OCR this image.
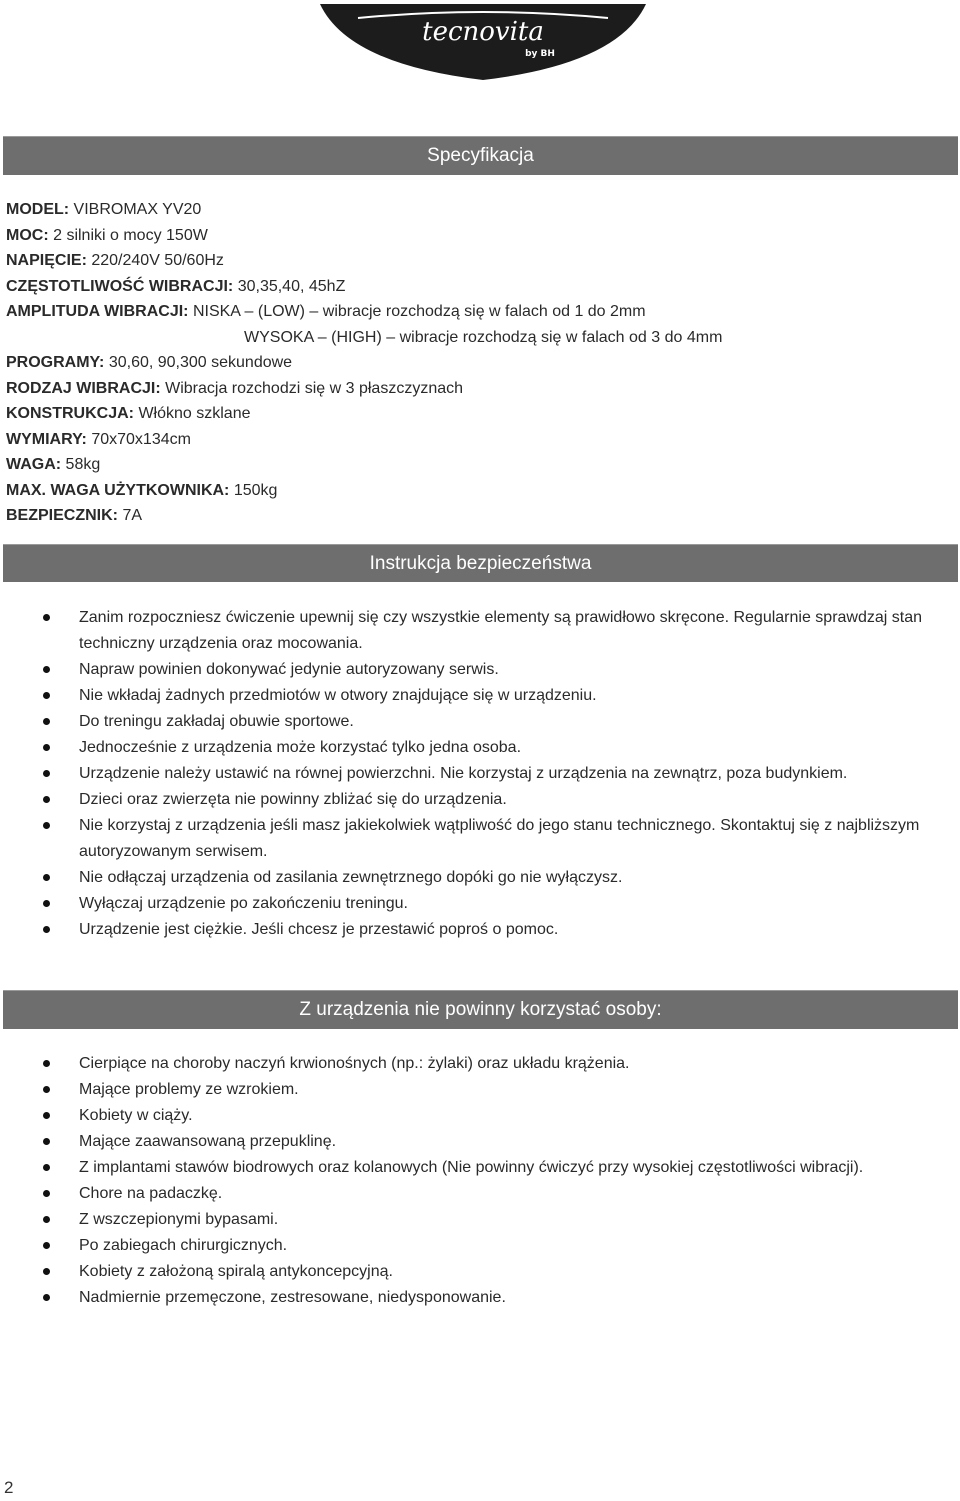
tecnovita
by BH
Specyfikacja
MODEL: VIBROMAX YV20
MOC: 2 silniki o mocy 150W
NAPIĘCIE: 220/240V 50/60Hz
CZĘSTOTLIWOŚĆ WIBRACJI: 30,35,40, 45hZ
AMPLITUDA WIBRACJI: NISKA – (LOW) – wibracje rozchodzą się w falach od 1 do 2mm
WYSOKA – (HIGH) – wibracje rozchodzą się w falach od 3 do 4mm
PROGRAMY: 30,60, 90,300 sekundowe
RODZAJ WIBRACJI: Wibracja rozchodzi się w 3 płaszczyznach
KONSTRUKCJA: Włókno szklane
WYMIARY: 70x70x134cm
WAGA: 58kg
MAX. WAGA UŻYTKOWNIKA: 150kg
BEZPIECZNIK: 7A
Instrukcja bezpieczeństwa
Zanim rozpoczniesz ćwiczenie upewnij się czy wszystkie elementy są prawidłowo skręcone. Regularnie sprawdzaj stan techniczny urządzenia oraz mocowania.
Napraw powinien dokonywać jedynie autoryzowany serwis.
Nie wkładaj żadnych przedmiotów w otwory znajdujące się w urządzeniu.
Do treningu zakładaj obuwie sportowe.
Jednocześnie z urządzenia może korzystać tylko jedna osoba.
Urządzenie należy ustawić na równej powierzchni. Nie korzystaj z urządzenia na zewnątrz, poza budynkiem.
Dzieci oraz zwierzęta nie powinny zbliżać się do urządzenia.
Nie korzystaj z urządzenia jeśli masz jakiekolwiek wątpliwość do jego stanu technicznego. Skontaktuj się z najbliższym autoryzowanym serwisem.
Nie odłączaj urządzenia od zasilania zewnętrznego dopóki go nie wyłączysz.
Wyłączaj urządzenie po zakończeniu treningu.
Urządzenie jest ciężkie. Jeśli chcesz je przestawić poproś o pomoc.
Z urządzenia nie powinny korzystać osoby:
Cierpiące na choroby naczyń krwionośnych (np.: żylaki) oraz układu krążenia.
Mające problemy ze wzrokiem.
Kobiety w ciąży.
Mające zaawansowaną przepuklinę.
Z implantami stawów biodrowych oraz kolanowych (Nie powinny ćwiczyć przy wysokiej częstotliwości wibracji).
Chore na padaczkę.
Z wszczepionymi bypasami.
Po zabiegach chirurgicznych.
Kobiety z założoną spiralą antykoncepcyjną.
Nadmiernie przemęczone, zestresowane, niedysponowanie.
2
